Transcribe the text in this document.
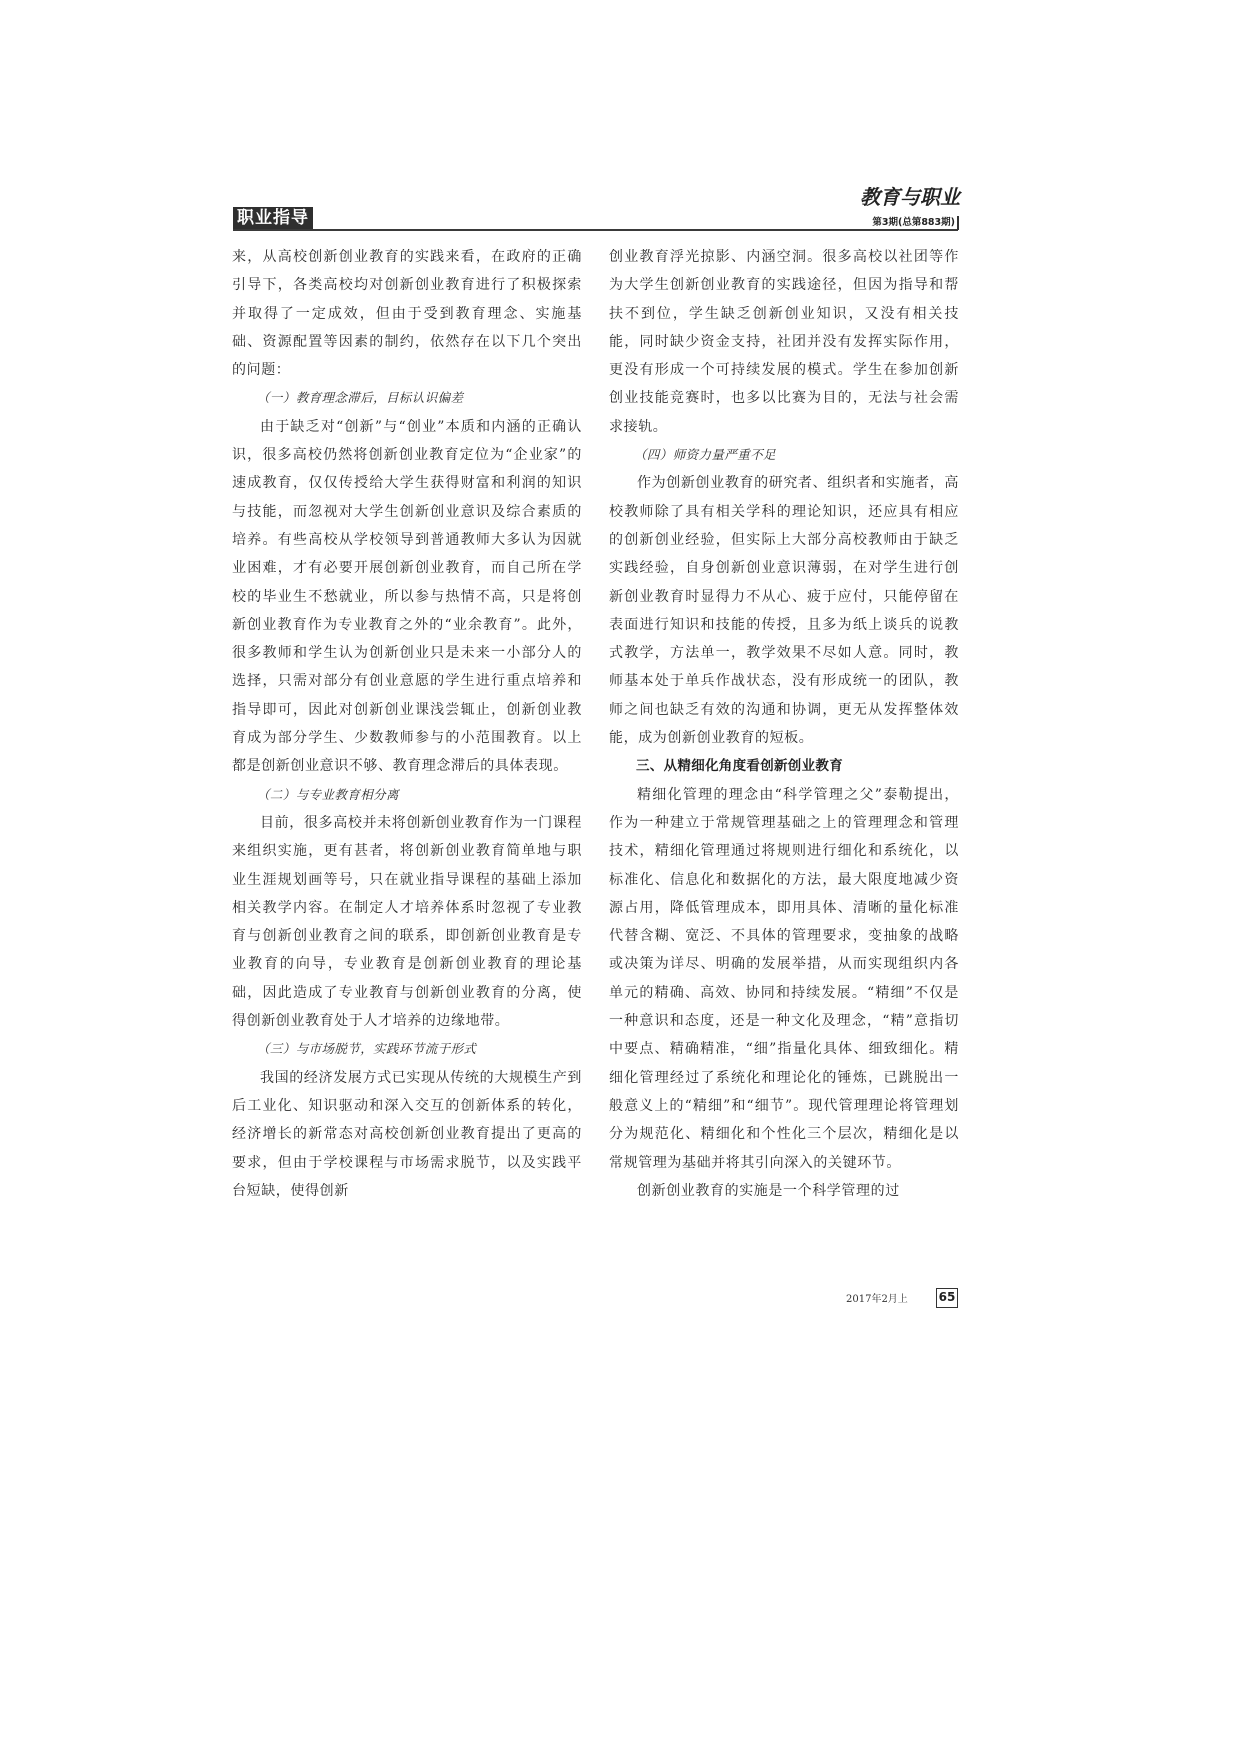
职业指导
教育与职业
第3期(总第883期)

来，从高校创新创业教育的实践来看，在政府的正确引导下，各类高校均对创新创业教育进行了积极探索并取得了一定成效，但由于受到教育理念、实施基础、资源配置等因素的制约，依然存在以下几个突出的问题：

（一）教育理念滞后，目标认识偏差

由于缺乏对“创新”与“创业”本质和内涵的正确认识，很多高校仍然将创新创业教育定位为“企业家”的速成教育，仅仅传授给大学生获得财富和利润的知识与技能，而忽视对大学生创新创业意识及综合素质的培养。有些高校从学校领导到普通教师大多认为因就业困难，才有必要开展创新创业教育，而自己所在学校的毕业生不愁就业，所以参与热情不高，只是将创新创业教育作为专业教育之外的“业余教育”。此外，很多教师和学生认为创新创业只是未来一小部分人的选择，只需对部分有创业意愿的学生进行重点培养和指导即可，因此对创新创业课浅尝辄止，创新创业教育成为部分学生、少数教师参与的小范围教育。以上都是创新创业意识不够、教育理念滞后的具体表现。

（二）与专业教育相分离

目前，很多高校并未将创新创业教育作为一门课程来组织实施，更有甚者，将创新创业教育简单地与职业生涯规划画等号，只在就业指导课程的基础上添加相关教学内容。在制定人才培养体系时忽视了专业教育与创新创业教育之间的联系，即创新创业教育是专业教育的向导，专业教育是创新创业教育的理论基础，因此造成了专业教育与创新创业教育的分离，使得创新创业教育处于人才培养的边缘地带。

（三）与市场脱节，实践环节流于形式

我国的经济发展方式已实现从传统的大规模生产到后工业化、知识驱动和深入交互的创新体系的转化，经济增长的新常态对高校创新创业教育提出了更高的要求，但由于学校课程与市场需求脱节，以及实践平台短缺，使得创新

创业教育浮光掠影、内涵空洞。很多高校以社团等作为大学生创新创业教育的实践途径，但因为指导和帮扶不到位，学生缺乏创新创业知识，又没有相关技能，同时缺少资金支持，社团并没有发挥实际作用，更没有形成一个可持续发展的模式。学生在参加创新创业技能竞赛时，也多以比赛为目的，无法与社会需求接轨。

（四）师资力量严重不足

作为创新创业教育的研究者、组织者和实施者，高校教师除了具有相关学科的理论知识，还应具有相应的创新创业经验，但实际上大部分高校教师由于缺乏实践经验，自身创新创业意识薄弱，在对学生进行创新创业教育时显得力不从心、疲于应付，只能停留在表面进行知识和技能的传授，且多为纸上谈兵的说教式教学，方法单一，教学效果不尽如人意。同时，教师基本处于单兵作战状态，没有形成统一的团队，教师之间也缺乏有效的沟通和协调，更无从发挥整体效能，成为创新创业教育的短板。

三、从精细化角度看创新创业教育

精细化管理的理念由“科学管理之父”泰勒提出，作为一种建立于常规管理基础之上的管理理念和管理技术，精细化管理通过将规则进行细化和系统化，以标准化、信息化和数据化的方法，最大限度地减少资源占用，降低管理成本，即用具体、清晰的量化标准代替含糊、宽泛、不具体的管理要求，变抽象的战略或决策为详尽、明确的发展举措，从而实现组织内各单元的精确、高效、协同和持续发展。“精细”不仅是一种意识和态度，还是一种文化及理念，“精”意指切中要点、精确精准，“细”指量化具体、细致细化。精细化管理经过了系统化和理论化的锤炼，已跳脱出一般意义上的“精细”和“细节”。现代管理理论将管理划分为规范化、精细化和个性化三个层次，精细化是以常规管理为基础并将其引向深入的关键环节。

创新创业教育的实施是一个科学管理的过

2017年2月上	65
